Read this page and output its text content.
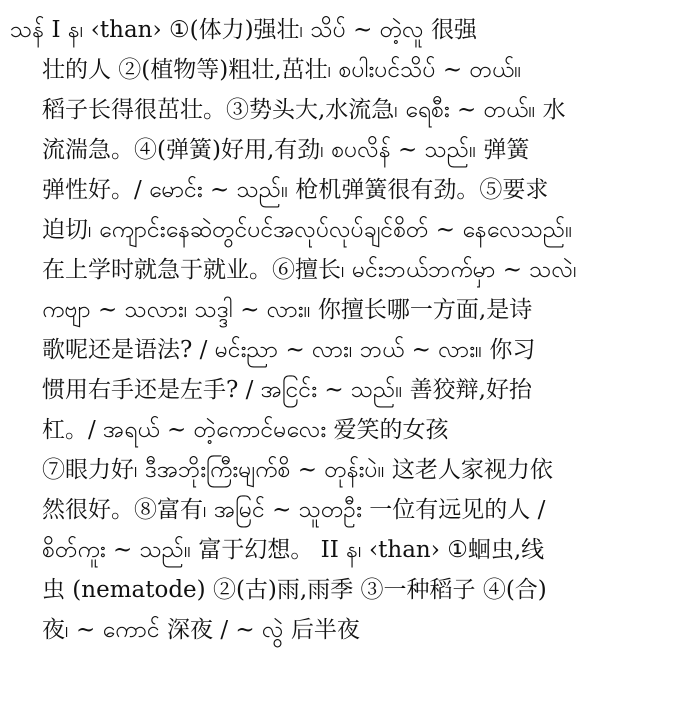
သန် I န၊ ‹than› ①(体力)强壮၊ သိပ် ~ တဲ့လူ 很强
壮的人 ②(植物等)粗壮,茁壮၊ စပါးပင်သိပ် ~ တယ်။
稻子长得很茁壮。③势头大,水流急၊ ရေစီး ~ တယ်။ 水
流湍急。④(弹簧)好用,有劲၊ စပလိန် ~ သည်။ 弹簧
弹性好。/ မောင်း ~ သည်။ 枪机弹簧很有劲。⑤要求
迫切၊ ကျောင်းနေဆဲတွင်ပင်အလုပ်လုပ်ချင်စိတ် ~ နေလေသည်။
在上学时就急于就业。⑥擅长၊ မင်းဘယ်ဘက်မှာ ~ သလဲ၊
ကဗျာ ~ သလား၊ သဒ္ဒါ ~ လား။ 你擅长哪一方面,是诗
歌呢还是语法? / မင်းညာ ~ လား၊ ဘယ် ~ လား။ 你习
惯用右手还是左手? / အငြင်း ~ သည်။ 善狡辩,好抬
杠。/ အရယ် ~ တဲ့ကောင်မလေး 爱笑的女孩
⑦眼力好၊ ဒီအဘိုးကြီးမျက်စိ ~ တုန်းပဲ။ 这老人家视力依
然很好。⑧富有၊ အမြင် ~ သူတဦး 一位有远见的人 /
စိတ်ကူး ~ သည်။ 富于幻想。 II န၊ ‹than› ①蛔虫,线
虫 (nematode) ②(古)雨,雨季 ③一种稻子 ④(合)
夜၊ ~ ကောင် 深夜 / ~ လွဲ 后半夜
